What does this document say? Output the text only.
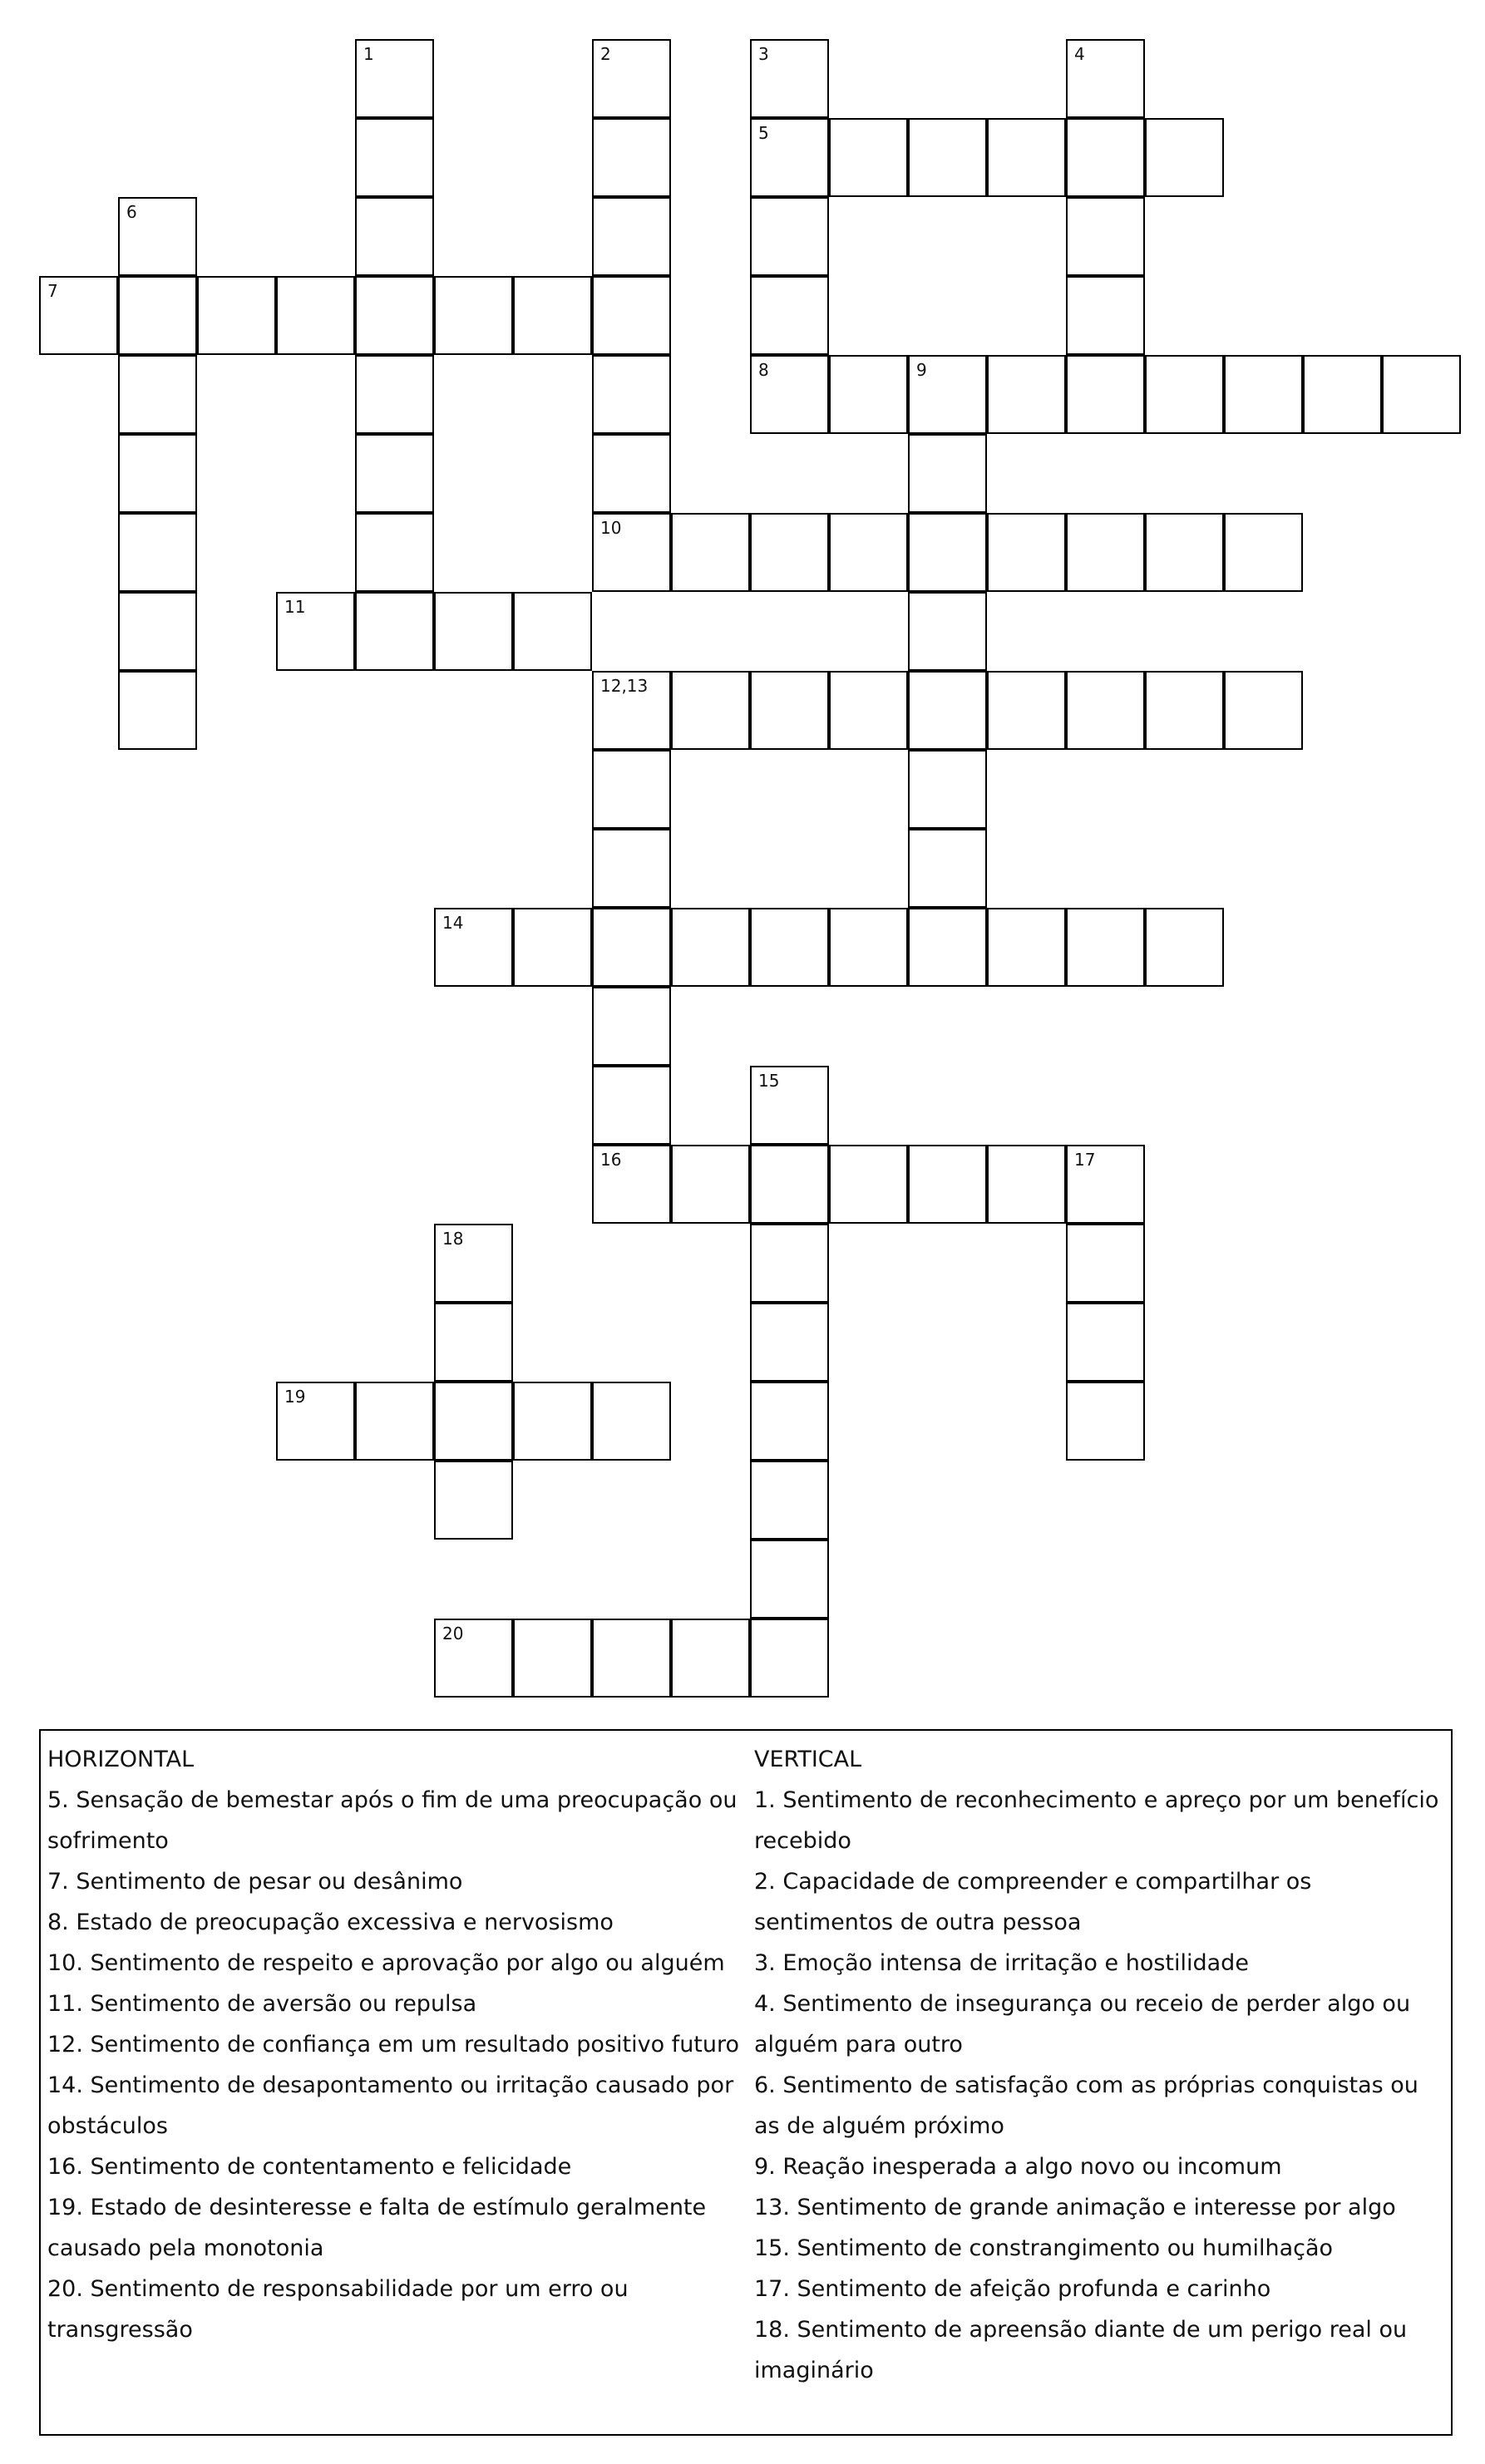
1	2	3
5
4
6
7
8	9
10
11
12,13
16
14
15
17
18
19
20
HORIZONTAL
5. Sensação de bemestar após o fim de uma preocupação ou sofrimento
7. Sentimento de pesar ou desânimo
8. Estado de preocupação excessiva e nervosismo
10. Sentimento de respeito e aprovação por algo ou alguém
11. Sentimento de aversão ou repulsa
12. Sentimento de confiança em um resultado positivo futuro
14. Sentimento de desapontamento ou irritação causado por obstáculos
16. Sentimento de contentamento e felicidade
19. Estado de desinteresse e falta de estímulo geralmente causado pela monotonia
20. Sentimento de responsabilidade por um erro ou transgressão
VERTICAL
1. Sentimento de reconhecimento e apreço por um benefício recebido
2. Capacidade de compreender e compartilhar os sentimentos de outra pessoa
3. Emoção intensa de irritação e hostilidade
4. Sentimento de insegurança ou receio de perder algo ou alguém para outro
6. Sentimento de satisfação com as próprias conquistas ou as de alguém próximo
9. Reação inesperada a algo novo ou incomum
13. Sentimento de grande animação e interesse por algo
15. Sentimento de constrangimento ou humilhação
17. Sentimento de afeição profunda e carinho
18. Sentimento de apreensão diante de um perigo real ou imaginário
